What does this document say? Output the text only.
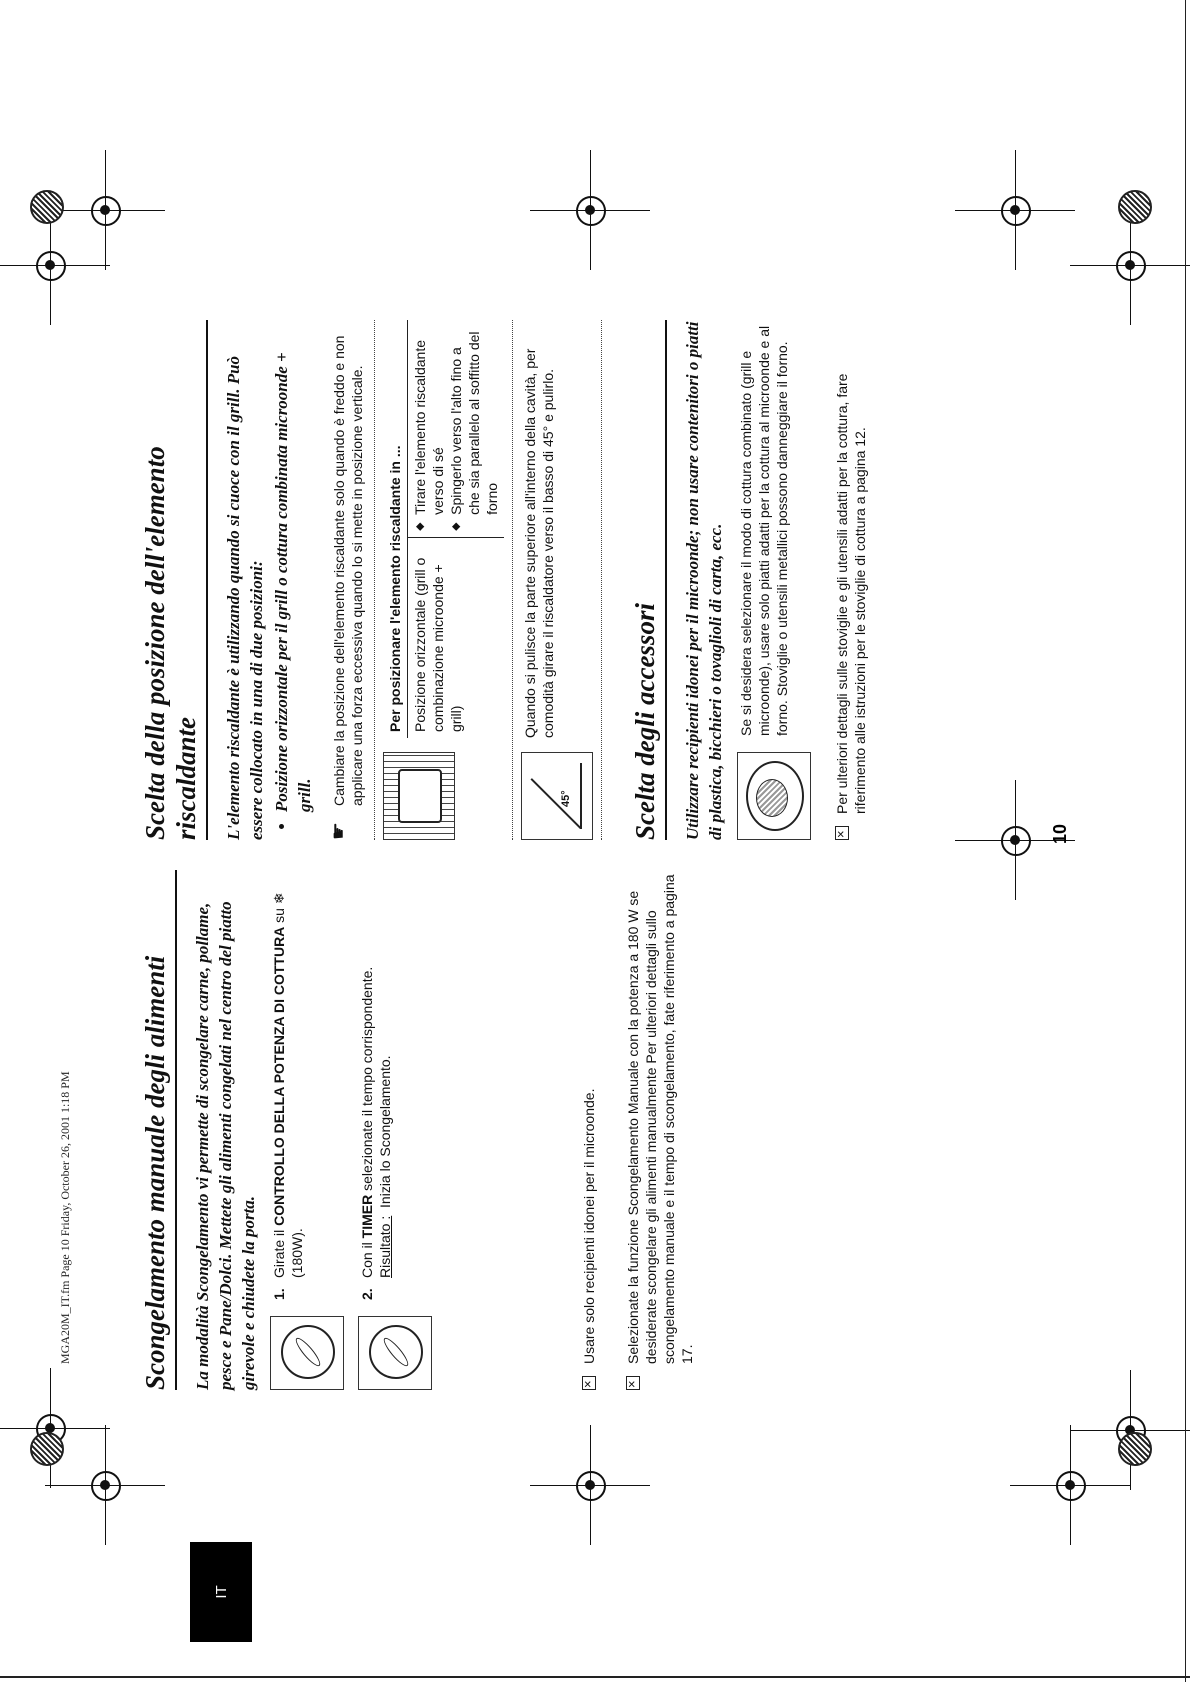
MGA20M_IT.fm Page 10 Friday, October 26, 2001 1:18 PM
IT
Scongelamento manuale degli alimenti	La modalità Scongelamento vi permette di scongelare carne, pollame, pesce e Pane/Dolci. Mettete gli alimenti congelati nel centro del piatto girevole e chiudete la porta. 1.
Girate il CONTROLLO DELLA POTENZA DI COTTURA su ❄ (180W).
2.
Con il TIMER selezionate il tempo corrispondente.
Risultato :  Inizia lo Scongelamento.
×	Usare solo recipienti idonei per il microonde.
× Selezionate la funzione Scongelamento Manuale con la potenza a 180 W se desiderate scongelare gli alimenti manualmente Per ulteriori dettagli sullo scongelamento manuale e il tempo di scongelamento, fate riferimento a pagina 17.
Scelta della posizione dell'elemento riscaldante	L'elemento riscaldante è utilizzando quando si cuoce con il grill. Può essere collocato in una di due posizioni: • Posizione orizzontale per il grill o cottura combinata microonde + grill.
☛
Cambiare la posizione dell'elemento riscaldante solo quando è freddo e non applicare una forza eccessiva quando lo si mette in posizione verticale. Per posizionare l'elemento riscaldante in ...
Posizione orizzontale (grill o combinazione microonde + grill)	
◆ Tirare l'elemento riscaldante verso di sé ◆ Spingerlo verso l'alto fino a che sia parallelo al soffitto del forno
45°
Quando si pulisce la parte superiore all'interno della cavità, per comodità girare il riscaldatore verso il basso di 45° e pulirlo.	Scelta degli accessori	Utilizzare recipienti idonei per il microonde; non usare contenitori o piatti di plastica, bicchieri o tovaglioli di carta, ecc. Se si desidera selezionare il modo di cottura combinato (grill e microonde), usare solo piatti adatti per la cottura al microonde e al forno. Stoviglie o utensili metallici possono danneggiare il forno.
×	Per ulteriori dettagli sulle stoviglie e gli utensili adatti per la cottura, fare riferimento alle istruzioni per le stoviglie di cottura a pagina 12.
10
